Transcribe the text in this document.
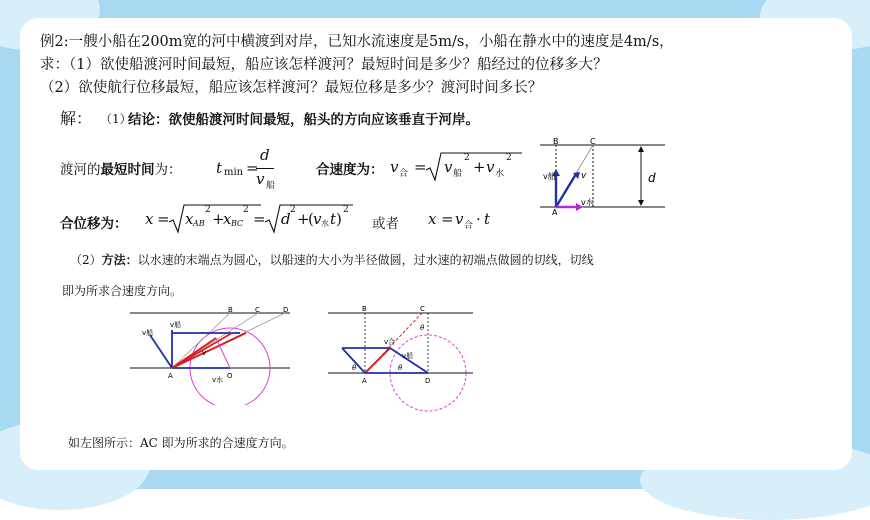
例2:一艘小船在200m宽的河中横渡到对岸，已知水流速度是5m/s，小船在静水中的速度是4m/s，
求：（1）欲使船渡河时间最短，船应该怎样渡河？最短时间是多少？船经过的位移多大？
（2）欲使航行位移最短，船应该怎样渡河？最短位移是多少？渡河时间多长？
解： （1）
结论：欲使船渡河时间最短，船头的方向应该垂直于河岸。
渡河的最短时间为： t min =
d
v 船
合速度为： v 合 = v 船
2 + v 水
2
合位移为： x = x AB
2 +
x BC
2 = d 2 +
( v 水 t ) 2
或者 x = v 合 · t
（2）方法：以水速的末端点为圆心，以船速的大小为半径做圆，过水速的初端点做圆的切线，切线
即为所求合速度方向。
如左图所示：AC 即为所求的合速度方向。
B	C
A
d
v船	v
v水
B	C	D
A	O
v船
v船
v
v水
B	C
A	D
v合
v船
θ	θ
θ
